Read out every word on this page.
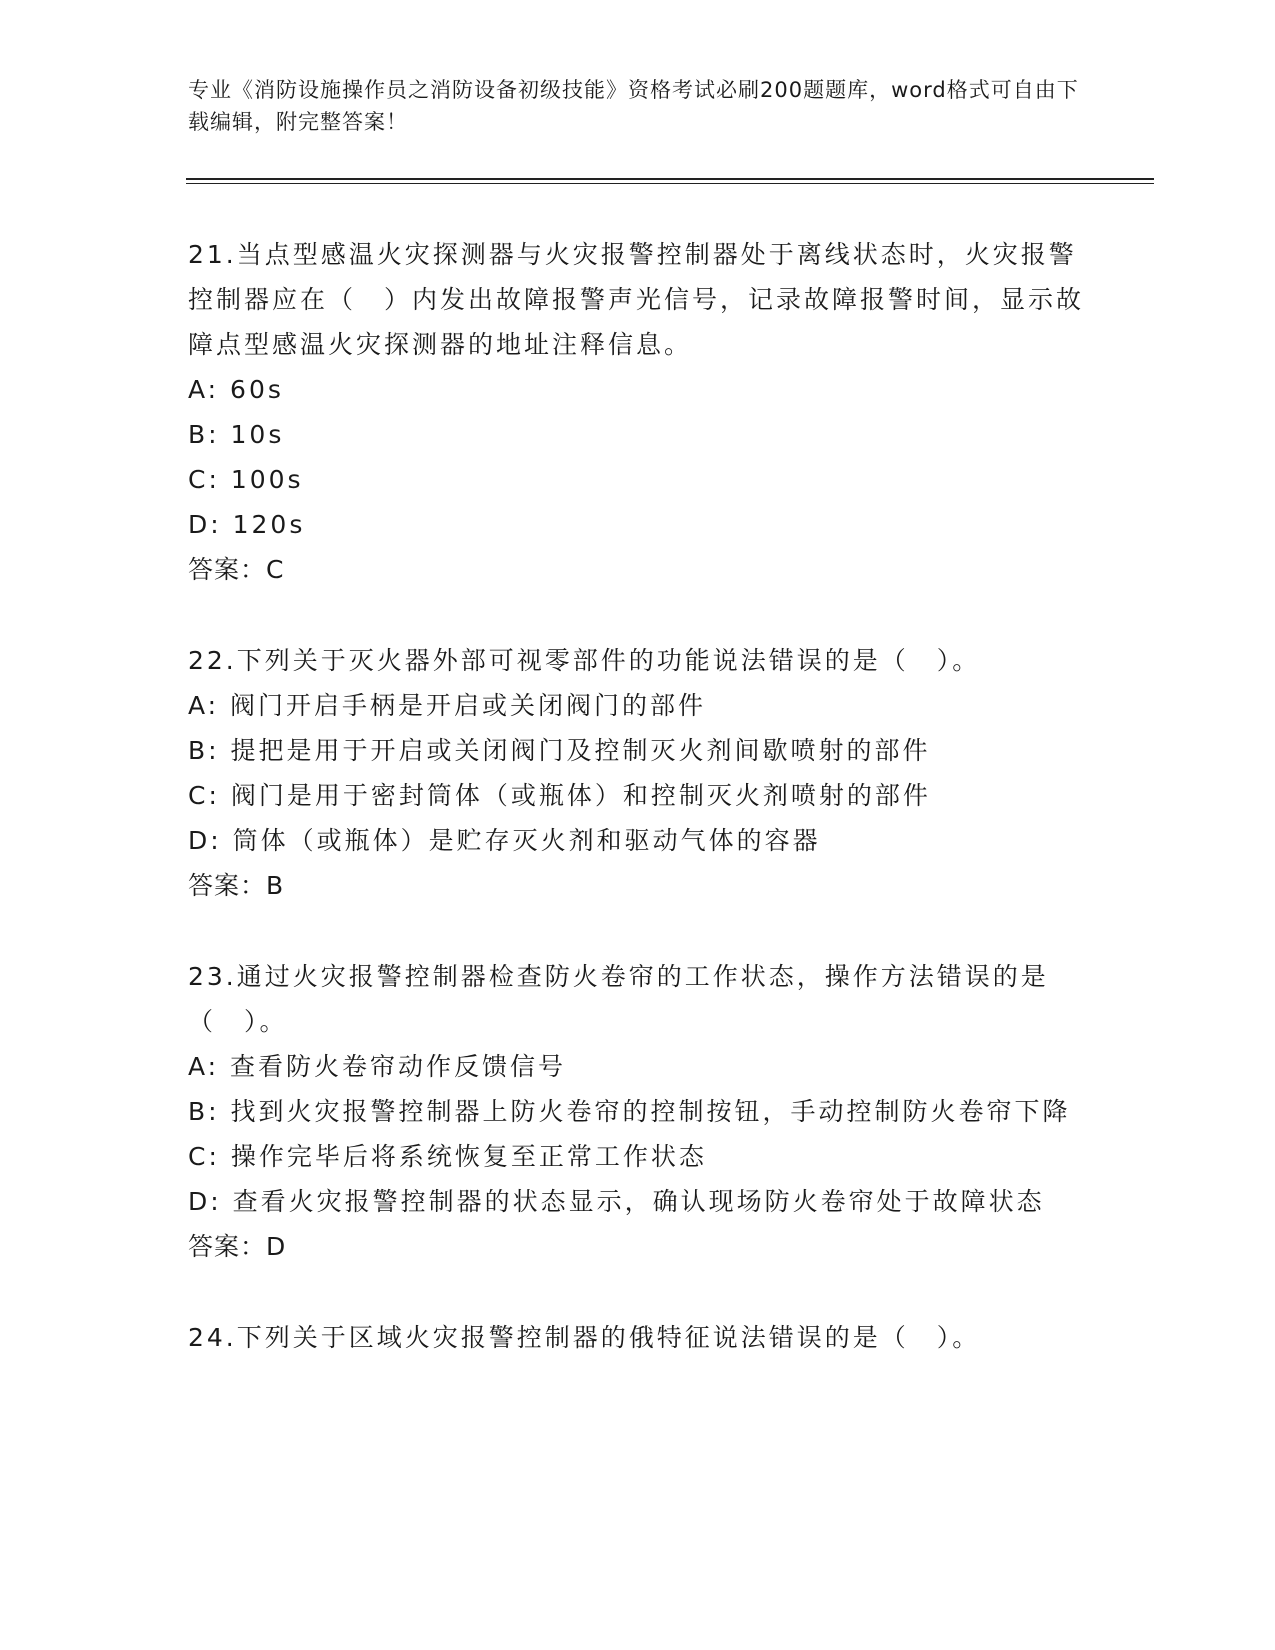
专业《消防设施操作员之消防设备初级技能》资格考试必刷200题题库，word格式可自由下载编辑，附完整答案！
21.当点型感温火灾探测器与火灾报警控制器处于离线状态时，火灾报警控制器应在（　）内发出故障报警声光信号，记录故障报警时间，显示故障点型感温火灾探测器的地址注释信息。
A: 60s
B: 10s
C: 100s
D: 120s
答案：C
22.下列关于灭火器外部可视零部件的功能说法错误的是（　）。
A: 阀门开启手柄是开启或关闭阀门的部件
B: 提把是用于开启或关闭阀门及控制灭火剂间歇喷射的部件
C: 阀门是用于密封筒体（或瓶体）和控制灭火剂喷射的部件
D: 筒体（或瓶体）是贮存灭火剂和驱动气体的容器
答案：B
23.通过火灾报警控制器检查防火卷帘的工作状态，操作方法错误的是（　）。
A: 查看防火卷帘动作反馈信号
B: 找到火灾报警控制器上防火卷帘的控制按钮，手动控制防火卷帘下降
C: 操作完毕后将系统恢复至正常工作状态
D: 查看火灾报警控制器的状态显示，确认现场防火卷帘处于故障状态
答案：D
24.下列关于区域火灾报警控制器的俄特征说法错误的是（　）。
